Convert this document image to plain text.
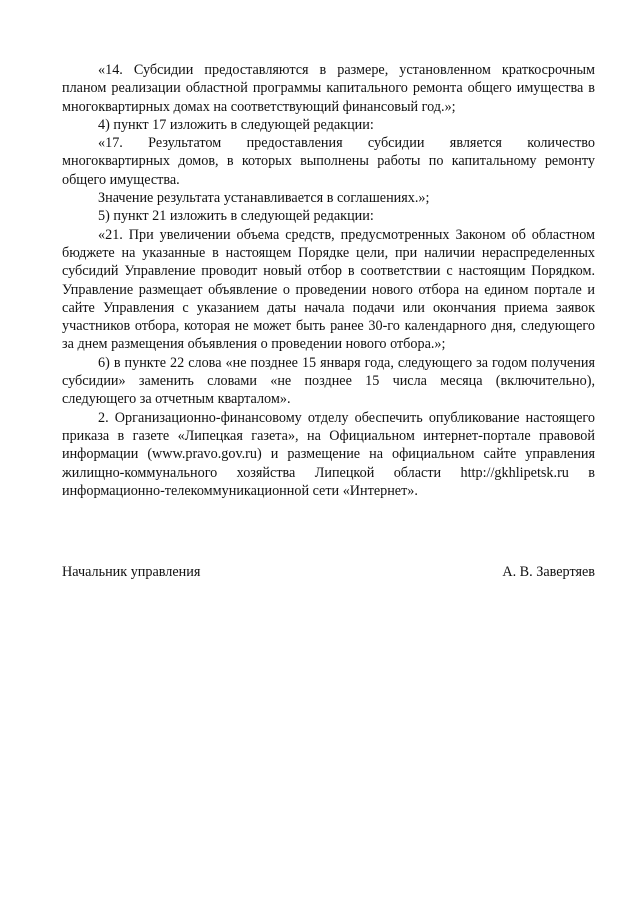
«14. Субсидии предоставляются в размере, установленном краткосрочным планом реализации областной программы капитального ремонта общего имущества в многоквартирных домах на соответствующий финансовый год.»;

4) пункт 17 изложить в следующей редакции:

«17. Результатом предоставления субсидии является количество многоквартирных домов, в которых выполнены работы по капитальному ремонту общего имущества.

Значение результата устанавливается в соглашениях.»;

5) пункт 21 изложить в следующей редакции:

«21. При увеличении объема средств, предусмотренных Законом об областном бюджете на указанные в настоящем Порядке цели, при наличии нераспределенных субсидий Управление проводит новый отбор в соответствии с настоящим Порядком. Управление размещает объявление о проведении нового отбора на едином портале и сайте Управления с указанием даты начала подачи или окончания приема заявок участников отбора, которая не может быть ранее 30-го календарного дня, следующего за днем размещения объявления о проведении нового отбора.»;

6) в пункте 22 слова «не позднее 15 января года, следующего за годом получения субсидии» заменить словами «не позднее 15 числа месяца (включительно), следующего за отчетным кварталом».

2. Организационно-финансовому отделу обеспечить опубликование настоящего приказа в газете «Липецкая газета», на Официальном интернет-портале правовой информации (www.pravo.gov.ru) и размещение на официальном сайте управления жилищно-коммунального хозяйства Липецкой области http://gkhlipetsk.ru в информационно-телекоммуникационной сети «Интернет».

Начальник управления	А. В. Завертяев
